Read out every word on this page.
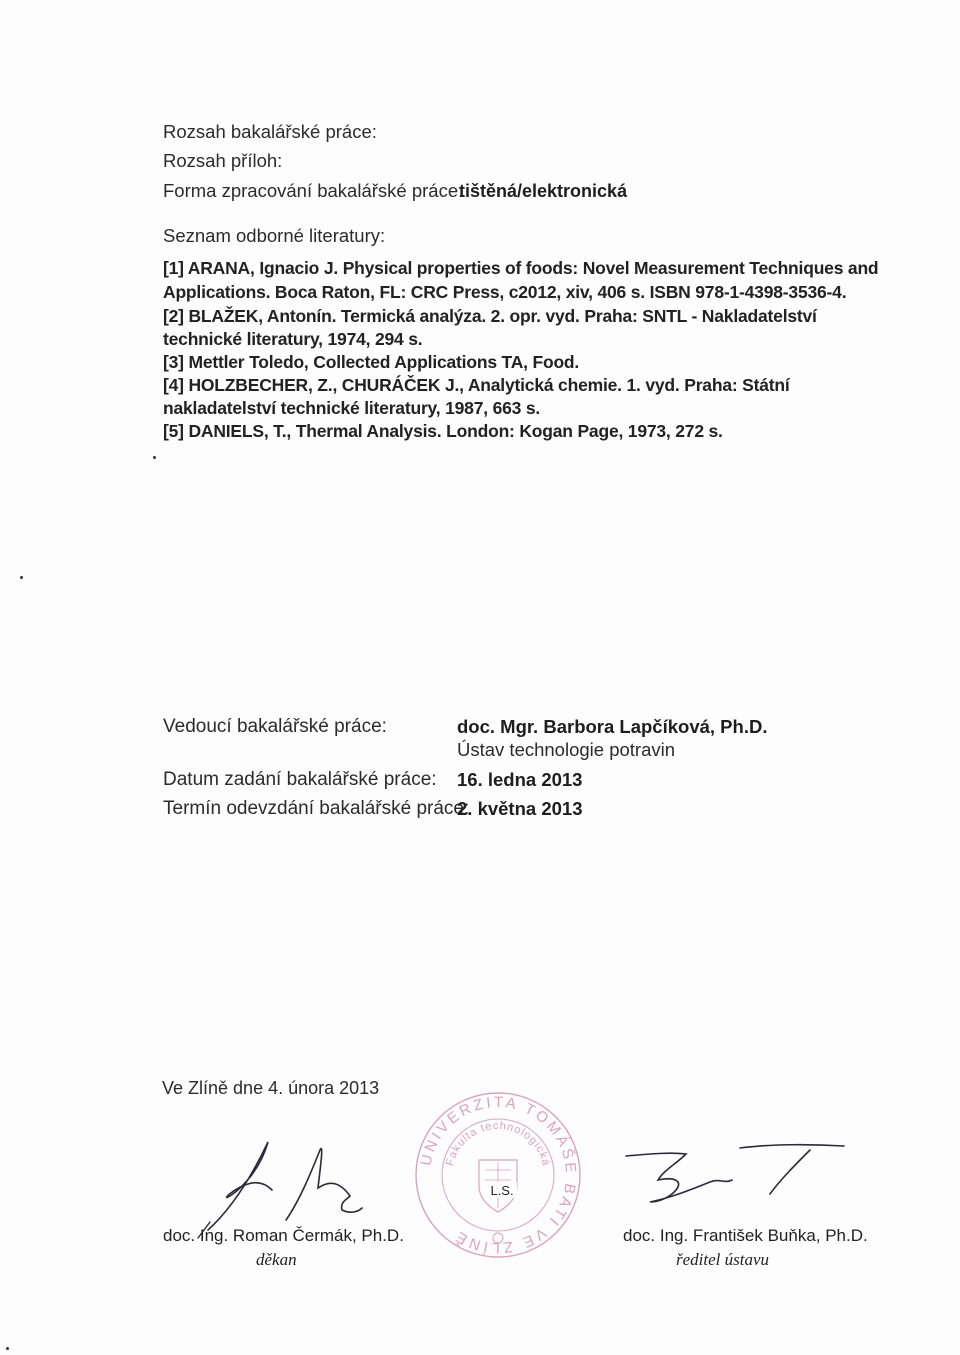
Rozsah bakalářské práce:
Rozsah příloh:
Forma zpracování bakalářské práce:
tištěná/elektronická
Seznam odborné literatury:
[1] ARANA, Ignacio J. Physical properties of foods: Novel Measurement Techniques and
Applications. Boca Raton, FL: CRC Press, c2012, xiv, 406 s. ISBN 978-1-4398-3536-4.
[2] BLAŽEK, Antonín. Termická analýza. 2. opr. vyd. Praha: SNTL - Nakladatelství
technické literatury, 1974, 294 s.
[3] Mettler Toledo, Collected Applications TA, Food.
[4] HOLZBECHER, Z., CHURÁČEK J., Analytická chemie. 1. vyd. Praha: Státní
nakladatelství technické literatury, 1987, 663 s.
[5] DANIELS, T., Thermal Analysis. London: Kogan Page, 1973, 272 s.
Vedoucí bakalářské práce:	doc. Mgr. Barbora Lapčíková, Ph.D.
Ústav technologie potravin
Datum zadání bakalářské práce: 16. ledna 2013
Termín odevzdání bakalářské práce:
2. května 2013
Ve Zlíně dne 4. února 2013
doc. Ing. Roman Čermák, Ph.D.
děkan
UNIVERZITA TOMÁŠE BATI VE ZLÍNĚ
Fakulta technologická
L.S.
doc. Ing. František Buňka, Ph.D.
ředitel ústavu
